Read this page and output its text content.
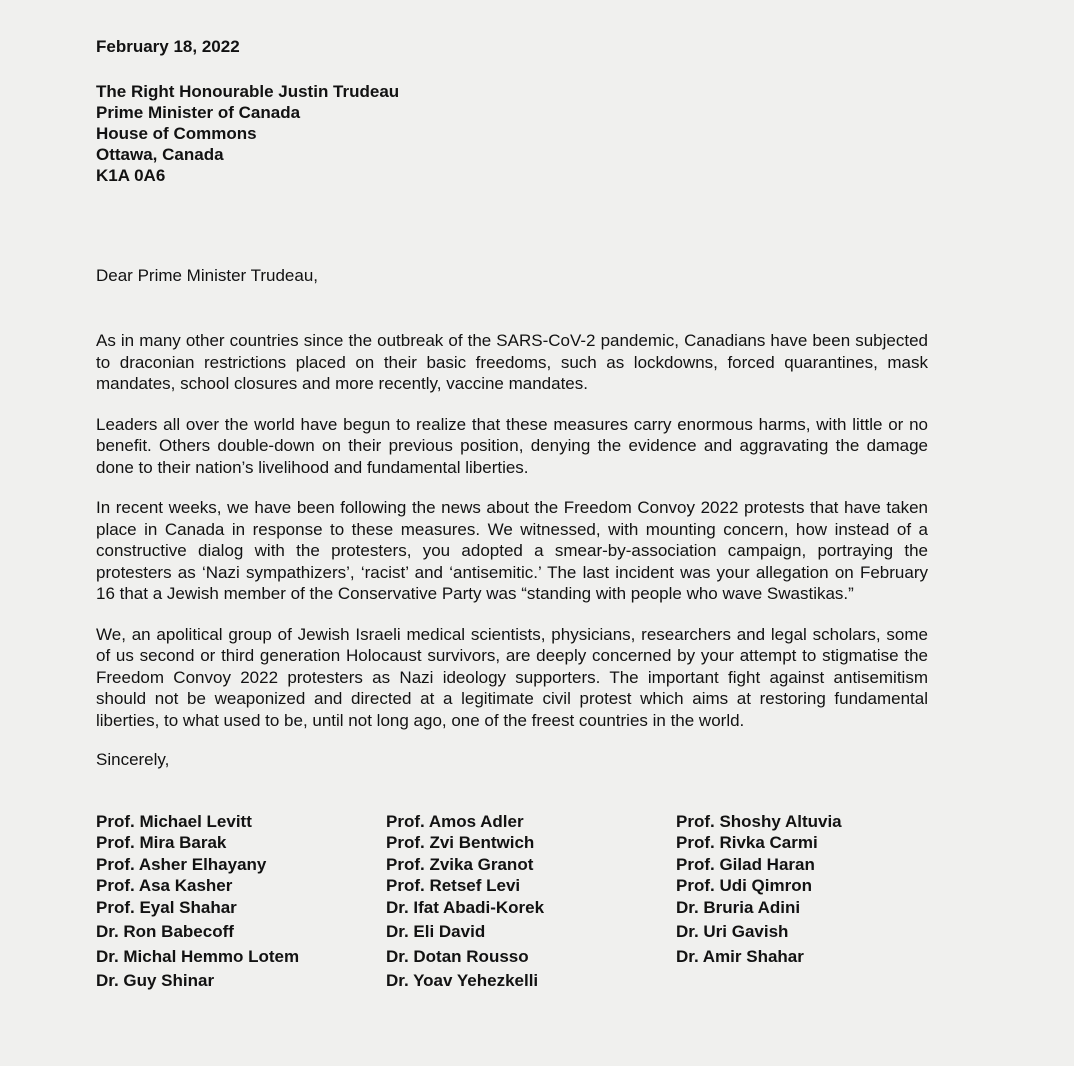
February 18, 2022
The Right Honourable Justin Trudeau
Prime Minister of Canada
House of Commons
Ottawa, Canada
K1A 0A6
Dear Prime Minister Trudeau,

As in many other countries since the outbreak of the SARS-CoV-2 pandemic, Canadians have been subjected to draconian restrictions placed on their basic freedoms, such as lockdowns, forced quarantines, mask mandates, school closures and more recently, vaccine mandates.

Leaders all over the world have begun to realize that these measures carry enormous harms, with little or no benefit. Others double-down on their previous position, denying the evidence and aggravating the damage done to their nation’s livelihood and fundamental liberties.

In recent weeks, we have been following the news about the Freedom Convoy 2022 protests that have taken place in Canada in response to these measures. We witnessed, with mounting concern, how instead of a constructive dialog with the protesters, you adopted a smear-by-association campaign, portraying the protesters as ‘Nazi sympathizers’, ‘racist’ and ‘antisemitic.’ The last incident was your allegation on February 16 that a Jewish member of the Conservative Party was “standing with people who wave Swastikas.”

We, an apolitical group of Jewish Israeli medical scientists, physicians, researchers and legal scholars, some of us second or third generation Holocaust survivors, are deeply concerned by your attempt to stigmatise the Freedom Convoy 2022 protesters as Nazi ideology supporters. The important fight against antisemitism should not be weaponized and directed at a legitimate civil protest which aims at restoring fundamental liberties, to what used to be, until not long ago, one of the freest countries in the world.

Sincerely,
Prof. Michael Levitt
Prof. Mira Barak
Prof. Asher Elhayany
Prof. Asa Kasher
Prof. Eyal Shahar
Dr. Ron Babecoff
Dr. Michal Hemmo Lotem
Dr. Guy Shinar
Prof. Amos Adler
Prof. Zvi Bentwich
Prof. Zvika Granot
Prof. Retsef Levi
Dr. Ifat Abadi-Korek
Dr. Eli David
Dr. Dotan Rousso
Dr. Yoav Yehezkelli
Prof. Shoshy Altuvia
Prof. Rivka Carmi
Prof. Gilad Haran
Prof. Udi Qimron
Dr. Bruria Adini
Dr. Uri Gavish
Dr. Amir Shahar
